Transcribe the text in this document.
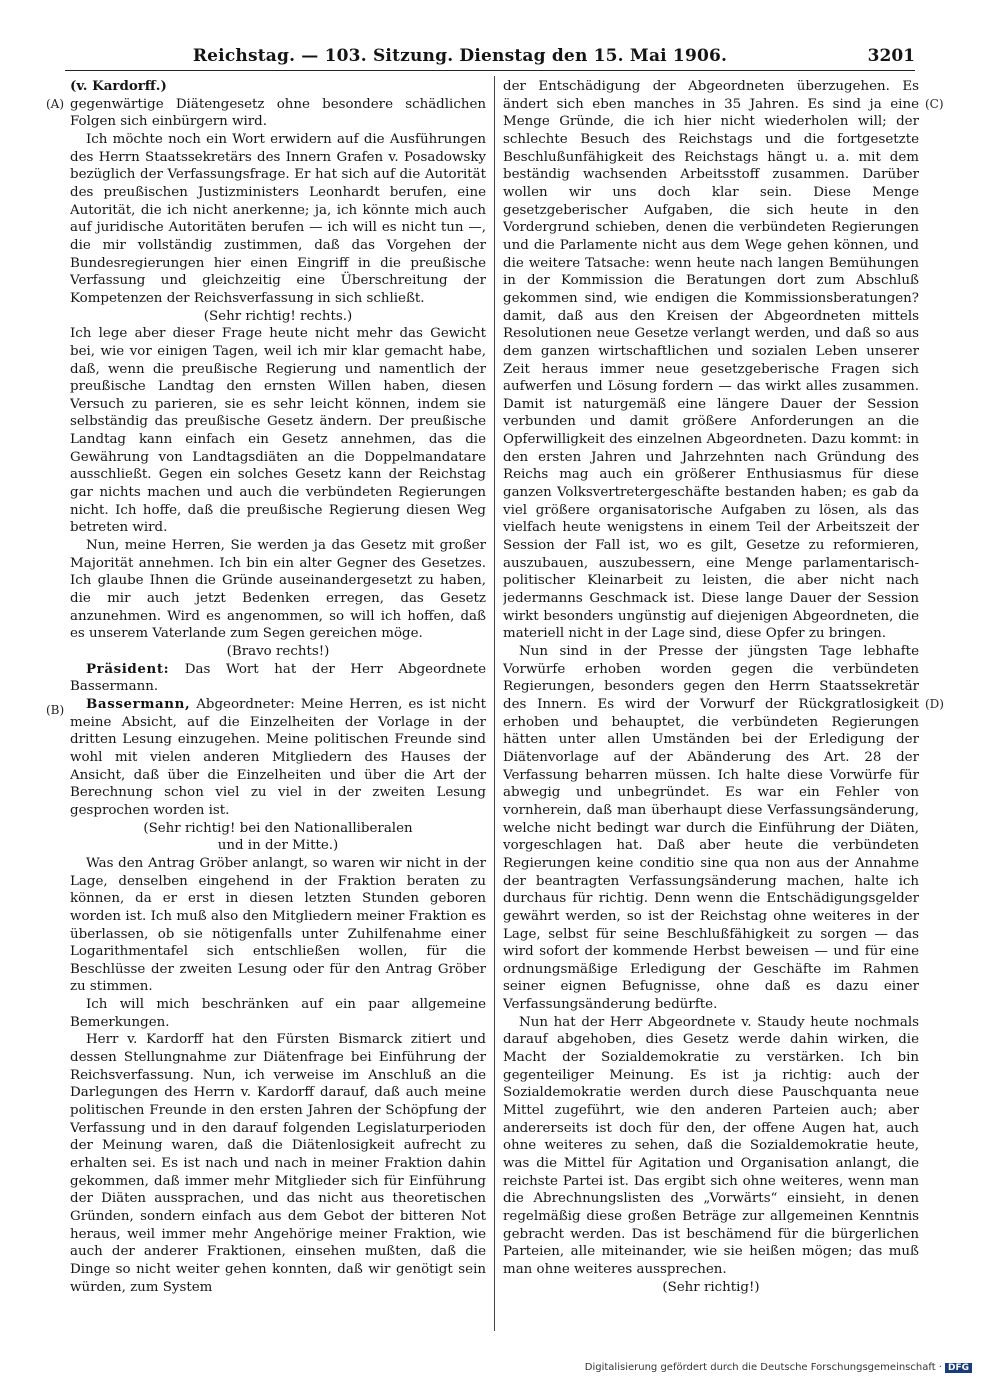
Reichstag. — 103. Sitzung. Dienstag den 15. Mai 1906.	3201
(A)
(B)
(C)
(D)

(v. Kardorff.)

gegenwärtige Diätengesetz ohne besondere schädlichen Folgen sich einbürgern wird.

Ich möchte noch ein Wort erwidern auf die Ausführungen des Herrn Staatssekretärs des Innern Grafen v. Posadowsky bezüglich der Verfassungsfrage. Er hat sich auf die Autorität des preußischen Justizministers Leonhardt berufen, eine Autorität, die ich nicht anerkenne; ja, ich könnte mich auch auf juridische Autoritäten berufen — ich will es nicht tun —, die mir vollständig zustimmen, daß das Vorgehen der Bundesregierungen hier einen Eingriff in die preußische Verfassung und gleichzeitig eine Überschreitung der Kompetenzen der Reichsverfassung in sich schließt.

(Sehr richtig! rechts.)

Ich lege aber dieser Frage heute nicht mehr das Gewicht bei, wie vor einigen Tagen, weil ich mir klar gemacht habe, daß, wenn die preußische Regierung und namentlich der preußische Landtag den ernsten Willen haben, diesen Versuch zu parieren, sie es sehr leicht können, indem sie selbständig das preußische Gesetz ändern. Der preußische Landtag kann einfach ein Gesetz annehmen, das die Gewährung von Landtagsdiäten an die Doppelmandatare ausschließt. Gegen ein solches Gesetz kann der Reichstag gar nichts machen und auch die verbündeten Regierungen nicht. Ich hoffe, daß die preußische Regierung diesen Weg betreten wird.

Nun, meine Herren, Sie werden ja das Gesetz mit großer Majorität annehmen. Ich bin ein alter Gegner des Gesetzes. Ich glaube Ihnen die Gründe auseinandergesetzt zu haben, die mir auch jetzt Bedenken erregen, das Gesetz anzunehmen. Wird es angenommen, so will ich hoffen, daß es unserem Vaterlande zum Segen gereichen möge.

(Bravo rechts!)

Präsident: Das Wort hat der Herr Abgeordnete Bassermann.

Bassermann, Abgeordneter: Meine Herren, es ist nicht meine Absicht, auf die Einzelheiten der Vorlage in der dritten Lesung einzugehen. Meine politischen Freunde sind wohl mit vielen anderen Mitgliedern des Hauses der Ansicht, daß über die Einzelheiten und über die Art der Berechnung schon viel zu viel in der zweiten Lesung gesprochen worden ist.

(Sehr richtig! bei den Nationalliberalen

und in der Mitte.)

Was den Antrag Gröber anlangt, so waren wir nicht in der Lage, denselben eingehend in der Fraktion beraten zu können, da er erst in diesen letzten Stunden geboren worden ist. Ich muß also den Mitgliedern meiner Fraktion es überlassen, ob sie nötigenfalls unter Zuhilfenahme einer Logarithmentafel sich entschließen wollen, für die Beschlüsse der zweiten Lesung oder für den Antrag Gröber zu stimmen.

Ich will mich beschränken auf ein paar allgemeine Bemerkungen.

Herr v. Kardorff hat den Fürsten Bismarck zitiert und dessen Stellungnahme zur Diätenfrage bei Einführung der Reichsverfassung. Nun, ich verweise im Anschluß an die Darlegungen des Herrn v. Kardorff darauf, daß auch meine politischen Freunde in den ersten Jahren der Schöpfung der Verfassung und in den darauf folgenden Legislaturperioden der Meinung waren, daß die Diätenlosigkeit aufrecht zu erhalten sei. Es ist nach und nach in meiner Fraktion dahin gekommen, daß immer mehr Mitglieder sich für Einführung der Diäten aussprachen, und das nicht aus theoretischen Gründen, sondern einfach aus dem Gebot der bitteren Not heraus, weil immer mehr Angehörige meiner Fraktion, wie auch der anderer Fraktionen, einsehen mußten, daß die Dinge so nicht weiter gehen konnten, daß wir genötigt sein würden, zum System

der Entschädigung der Abgeordneten überzugehen. Es ändert sich eben manches in 35 Jahren. Es sind ja eine Menge Gründe, die ich hier nicht wiederholen will; der schlechte Besuch des Reichstags und die fortgesetzte Beschlußunfähigkeit des Reichstags hängt u. a. mit dem beständig wachsenden Arbeitsstoff zusammen. Darüber wollen wir uns doch klar sein. Diese Menge gesetzgeberischer Aufgaben, die sich heute in den Vordergrund schieben, denen die verbündeten Regierungen und die Parlamente nicht aus dem Wege gehen können, und die weitere Tatsache: wenn heute nach langen Bemühungen in der Kommission die Beratungen dort zum Abschluß gekommen sind, wie endigen die Kommissionsberatungen? damit, daß aus den Kreisen der Abgeordneten mittels Resolutionen neue Gesetze verlangt werden, und daß so aus dem ganzen wirtschaftlichen und sozialen Leben unserer Zeit heraus immer neue gesetzgeberische Fragen sich aufwerfen und Lösung fordern — das wirkt alles zusammen. Damit ist naturgemäß eine längere Dauer der Session verbunden und damit größere Anforderungen an die Opferwilligkeit des einzelnen Abgeordneten. Dazu kommt: in den ersten Jahren und Jahrzehnten nach Gründung des Reichs mag auch ein größerer Enthusiasmus für diese ganzen Volksvertretergeschäfte bestanden haben; es gab da viel größere organisatorische Aufgaben zu lösen, als das vielfach heute wenigstens in einem Teil der Arbeitszeit der Session der Fall ist, wo es gilt, Gesetze zu reformieren, auszubauen, auszubessern, eine Menge parlamentarisch-politischer Kleinarbeit zu leisten, die aber nicht nach jedermanns Geschmack ist. Diese lange Dauer der Session wirkt besonders ungünstig auf diejenigen Abgeordneten, die materiell nicht in der Lage sind, diese Opfer zu bringen.

Nun sind in der Presse der jüngsten Tage lebhafte Vorwürfe erhoben worden gegen die verbündeten Regierungen, besonders gegen den Herrn Staatssekretär des Innern. Es wird der Vorwurf der Rückgratlosigkeit erhoben und behauptet, die verbündeten Regierungen hätten unter allen Umständen bei der Erledigung der Diätenvorlage auf der Abänderung des Art. 28 der Verfassung beharren müssen. Ich halte diese Vorwürfe für abwegig und unbegründet. Es war ein Fehler von vornherein, daß man überhaupt diese Verfassungsänderung, welche nicht bedingt war durch die Einführung der Diäten, vorgeschlagen hat. Daß aber heute die verbündeten Regierungen keine conditio sine qua non aus der Annahme der beantragten Verfassungsänderung machen, halte ich durchaus für richtig. Denn wenn die Entschädigungsgelder gewährt werden, so ist der Reichstag ohne weiteres in der Lage, selbst für seine Beschlußfähigkeit zu sorgen — das wird sofort der kommende Herbst beweisen — und für eine ordnungsmäßige Erledigung der Geschäfte im Rahmen seiner eignen Befugnisse, ohne daß es dazu einer Verfassungsänderung bedürfte.

Nun hat der Herr Abgeordnete v. Staudy heute nochmals darauf abgehoben, dies Gesetz werde dahin wirken, die Macht der Sozialdemokratie zu verstärken. Ich bin gegenteiliger Meinung. Es ist ja richtig: auch der Sozialdemokratie werden durch diese Pauschquanta neue Mittel zugeführt, wie den anderen Parteien auch; aber andererseits ist doch für den, der offene Augen hat, auch ohne weiteres zu sehen, daß die Sozialdemokratie heute, was die Mittel für Agitation und Organisation anlangt, die reichste Partei ist. Das ergibt sich ohne weiteres, wenn man die Abrechnungslisten des „Vorwärts“ einsieht, in denen regelmäßig diese großen Beträge zur allgemeinen Kenntnis gebracht werden. Das ist beschämend für die bürgerlichen Parteien, alle miteinander, wie sie heißen mögen; das muß man ohne weiteres aussprechen.

(Sehr richtig!)

Digitalisierung gefördert durch die Deutsche Forschungsgemeinschaft · DFG
